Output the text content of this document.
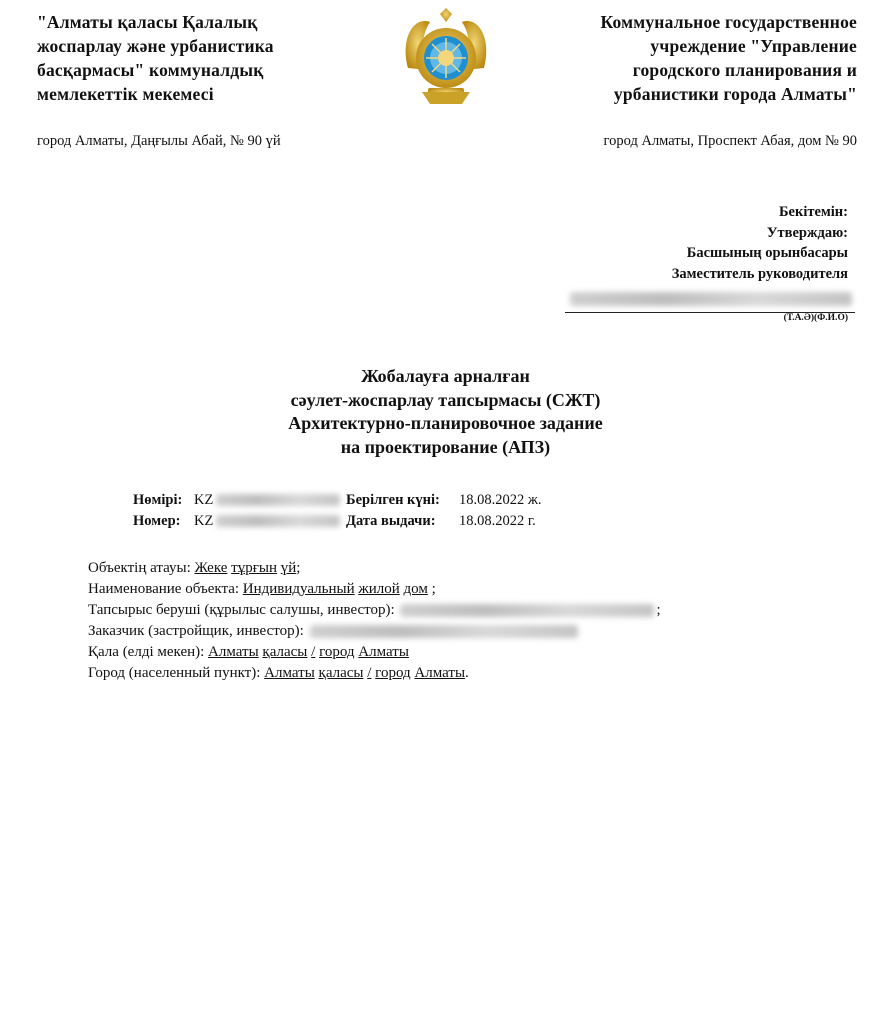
"Алматы қаласы Қалалық
жоспарлау және урбанистика
басқармасы" коммуналдық
мемлекеттік мекемесі
Коммунальное государственное
учреждение "Управление
городского планирования и
урбанистики города Алматы"
город Алматы, Даңғылы Абай, № 90 үй	город Алматы, Проспект Абая, дом № 90
Бекітемін:
Утверждаю:
Басшының орынбасары
Заместитель руководителя
(Т.А.Ә)(Ф.И.О)
Жобалауға арналған
сәулет-жоспарлау тапсырмасы (СЖТ)
Архитектурно-планировочное задание
на проектирование (АПЗ)
Нөмірі: KZ	Берілген күні: 18.08.2022 ж.
Номер: KZ	Дата выдачи: 18.08.2022 г.
Объектің атауы: Жеке тұрғын үй;
Наименование объекта: Индивидуальный жилой дом ;
Тапсырыс беруші (құрылыс салушы, инвестор):	;
Заказчик (застройщик, инвестор):
Қала (елді мекен): Алматы қаласы / город Алматы
Город (населенный пункт): Алматы қаласы / город Алматы.
